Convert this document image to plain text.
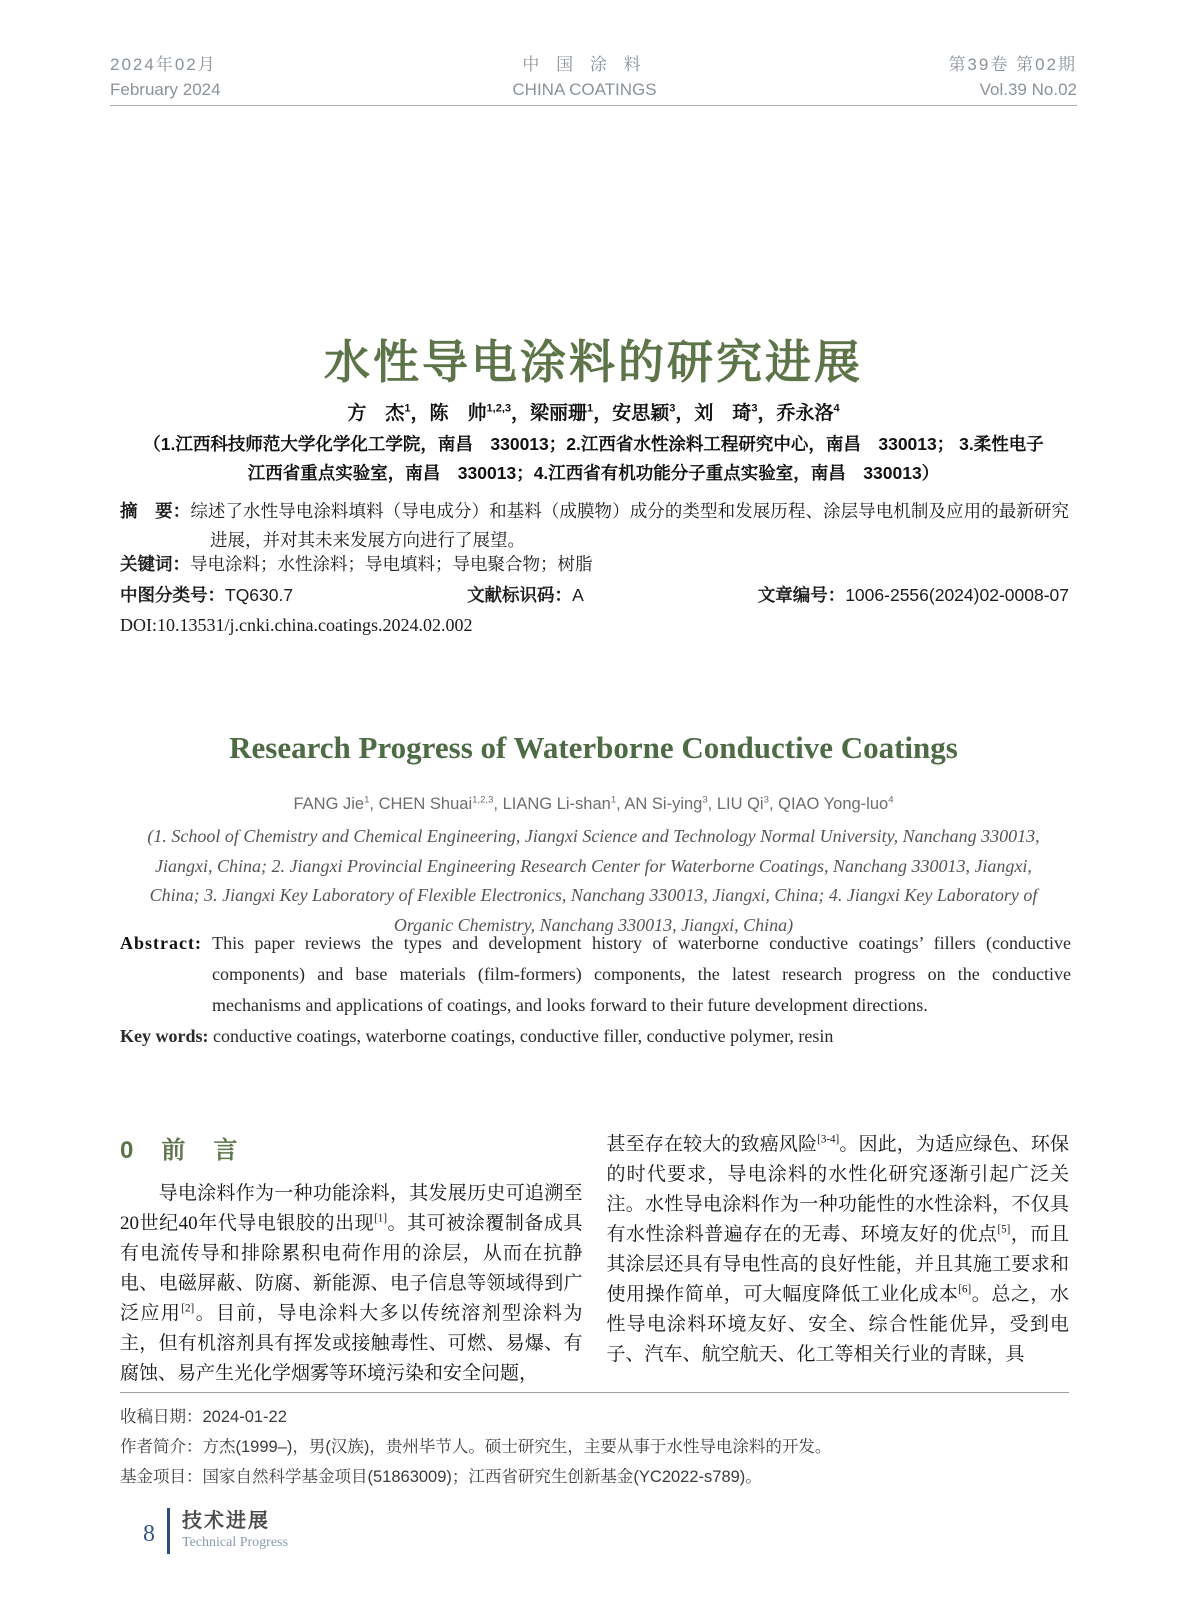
2024年02月
February 2024
中 国 涂 料
CHINA COATINGS
第39卷 第02期
Vol.39 No.02
水性导电涂料的研究进展
方　杰$^1$，陈　帅$^{1,2,3}$，梁丽珊$^1$，安思颖$^3$，刘　琦$^3$，乔永洛$^4$
（1.江西科技师范大学化学化工学院，南昌　330013；2.江西省水性涂料工程研究中心，南昌　330013； 3.柔性电子江西省重点实验室，南昌　330013；4.江西省有机功能分子重点实验室，南昌　330013）

摘　要：综述了水性导电涂料填料（导电成分）和基料（成膜物）成分的类型和发展历程、涂层导电机制及应用的最新研究进展，并对其未来发展方向进行了展望。

关键词：导电涂料；水性涂料；导电填料；导电聚合物；树脂

中图分类号：TQ630.7	文献标识码：A	文章编号：1006-2556(2024)02-0008-07
DOI:10.13531/j.cnki.china.coatings.2024.02.002
Research Progress of Waterborne Conductive Coatings
FANG Jie$^1$, CHEN Shuai$^{1,2,3}$, LIANG Li-shan$^1$, AN Si-ying$^3$, LIU Qi$^3$, QIAO Yong-luo$^4$
(1. School of Chemistry and Chemical Engineering, Jiangxi Science and Technology Normal University, Nanchang 330013, Jiangxi, China; 2. Jiangxi Provincial Engineering Research Center for Waterborne Coatings, Nanchang 330013, Jiangxi, China; 3. Jiangxi Key Laboratory of Flexible Electronics, Nanchang 330013, Jiangxi, China; 4. Jiangxi Key Laboratory of Organic Chemistry, Nanchang 330013, Jiangxi, China)

Abstract: This paper reviews the types and development history of waterborne conductive coatings’ fillers (conductive components) and base materials (film-formers) components, the latest research progress on the conductive mechanisms and applications of coatings, and looks forward to their future development directions.

Key words: conductive coatings, waterborne coatings, conductive filler, conductive polymer, resin

0　前　言

　　导电涂料作为一种功能涂料，其发展历史可追溯至20世纪40年代导电银胶的出现[1]。其可被涂覆制备成具有电流传导和排除累积电荷作用的涂层，从而在抗静电、电磁屏蔽、防腐、新能源、电子信息等领域得到广泛应用[2]。目前，导电涂料大多以传统溶剂型涂料为主，但有机溶剂具有挥发或接触毒性、可燃、易爆、有腐蚀、易产生光化学烟雾等环境污染和安全问题，

甚至存在较大的致癌风险[3-4]。因此，为适应绿色、环保的时代要求，导电涂料的水性化研究逐渐引起广泛关注。水性导电涂料作为一种功能性的水性涂料，不仅具有水性涂料普遍存在的无毒、环境友好的优点[5]，而且其涂层还具有导电性高的良好性能，并且其施工要求和使用操作简单，可大幅度降低工业化成本[6]。总之，水性导电涂料环境友好、安全、综合性能优异，受到电子、汽车、航空航天、化工等相关行业的青睐，具

收稿日期：2024-01-22
作者简介：方杰(1999–)，男(汉族)，贵州毕节人。硕士研究生，主要从事于水性导电涂料的开发。
基金项目：国家自然科学基金项目(51863009)；江西省研究生创新基金(YC2022-s789)。
8 技术进展
Technical Progress
